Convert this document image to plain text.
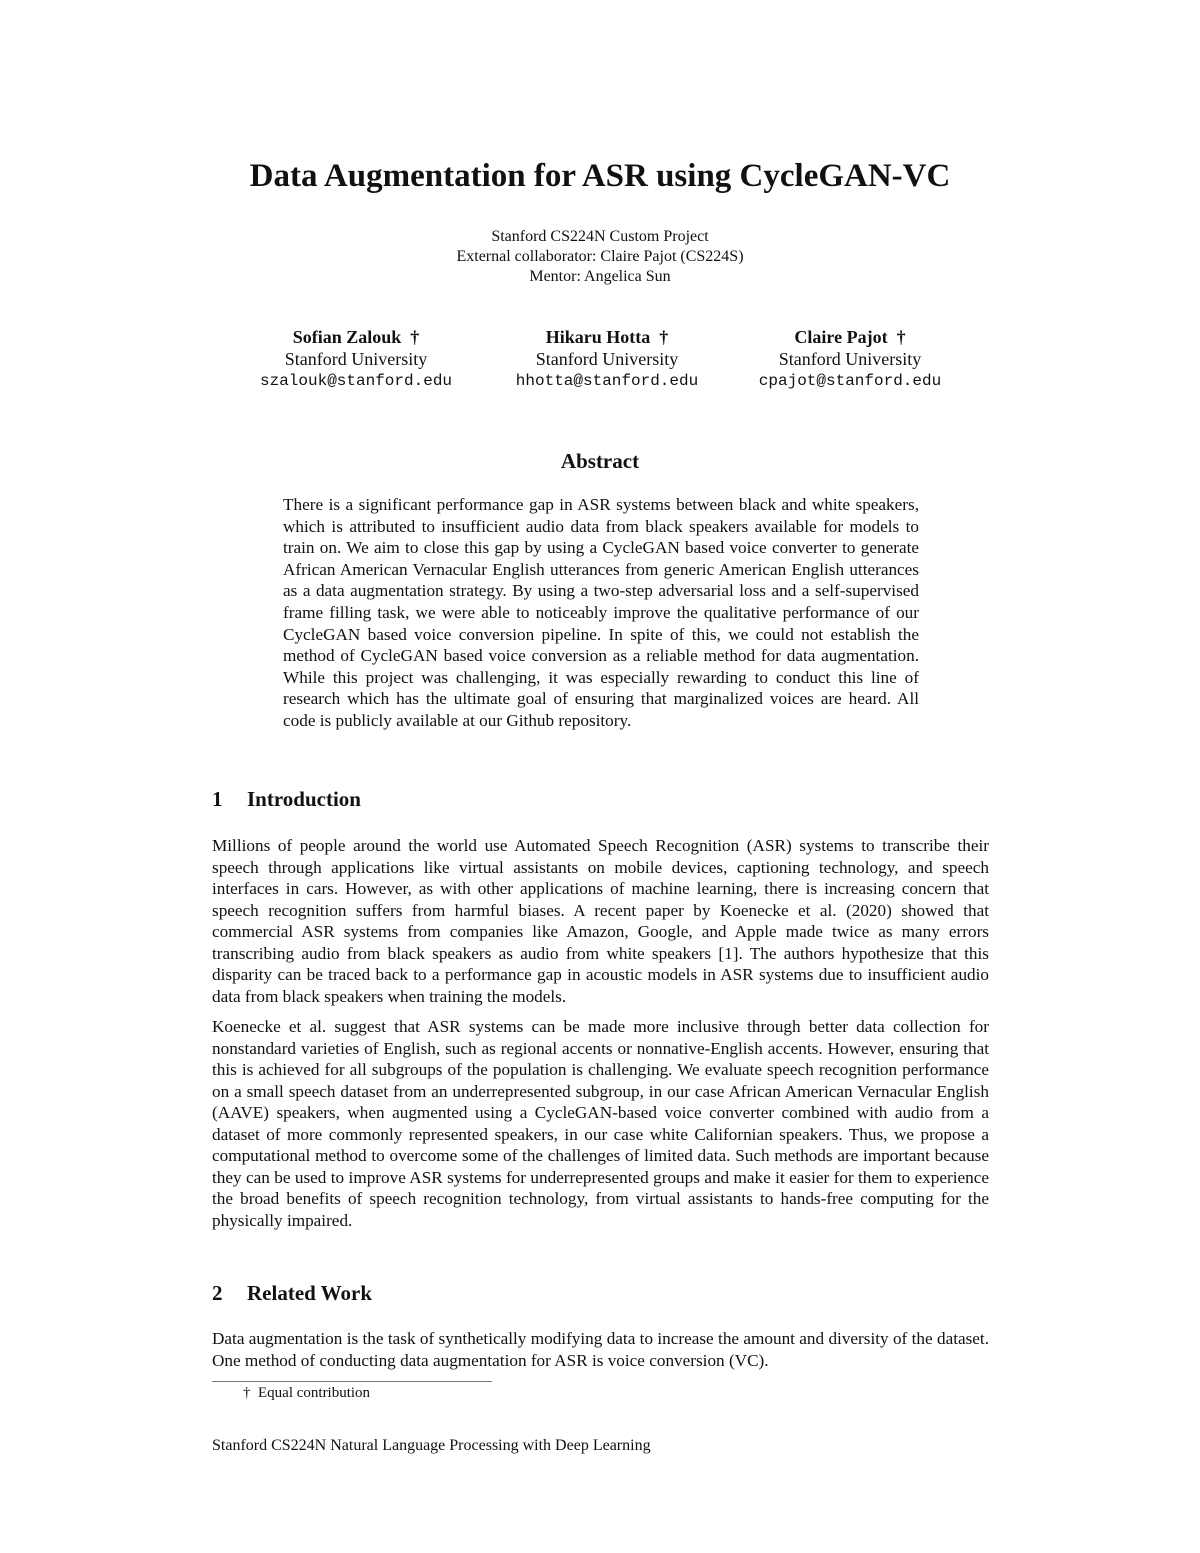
Data Augmentation for ASR using CycleGAN-VC
Stanford CS224N Custom Project
External collaborator: Claire Pajot (CS224S)
Mentor: Angelica Sun
Sofian Zalouk †
Stanford University
szalouk@stanford.edu
Hikaru Hotta †
Stanford University
hhotta@stanford.edu
Claire Pajot †
Stanford University
cpajot@stanford.edu
Abstract

There is a significant performance gap in ASR systems between black and white speakers, which is attributed to insufficient audio data from black speakers available for models to train on. We aim to close this gap by using a CycleGAN based voice converter to generate African American Vernacular English utterances from generic American English utterances as a data augmentation strategy. By using a two-step adversarial loss and a self-supervised frame filling task, we were able to noticeably improve the qualitative performance of our CycleGAN based voice conversion pipeline. In spite of this, we could not establish the method of CycleGAN based voice conversion as a reliable method for data augmentation. While this project was challenging, it was especially rewarding to conduct this line of research which has the ultimate goal of ensuring that marginalized voices are heard. All code is publicly available at our Github repository.

1 Introduction

Millions of people around the world use Automated Speech Recognition (ASR) systems to transcribe their speech through applications like virtual assistants on mobile devices, captioning technology, and speech interfaces in cars. However, as with other applications of machine learning, there is increasing concern that speech recognition suffers from harmful biases. A recent paper by Koenecke et al. (2020) showed that commercial ASR systems from companies like Amazon, Google, and Apple made twice as many errors transcribing audio from black speakers as audio from white speakers [1]. The authors hypothesize that this disparity can be traced back to a performance gap in acoustic models in ASR systems due to insufficient audio data from black speakers when training the models.

Koenecke et al. suggest that ASR systems can be made more inclusive through better data collection for nonstandard varieties of English, such as regional accents or nonnative-English accents. However, ensuring that this is achieved for all subgroups of the population is challenging. We evaluate speech recognition performance on a small speech dataset from an underrepresented subgroup, in our case African American Vernacular English (AAVE) speakers, when augmented using a CycleGAN-based voice converter combined with audio from a dataset of more commonly represented speakers, in our case white Californian speakers. Thus, we propose a computational method to overcome some of the challenges of limited data. Such methods are important because they can be used to improve ASR systems for underrepresented groups and make it easier for them to experience the broad benefits of speech recognition technology, from virtual assistants to hands-free computing for the physically impaired.

2 Related Work

Data augmentation is the task of synthetically modifying data to increase the amount and diversity of the dataset. One method of conducting data augmentation for ASR is voice conversion (VC).

† Equal contribution
Stanford CS224N Natural Language Processing with Deep Learning
